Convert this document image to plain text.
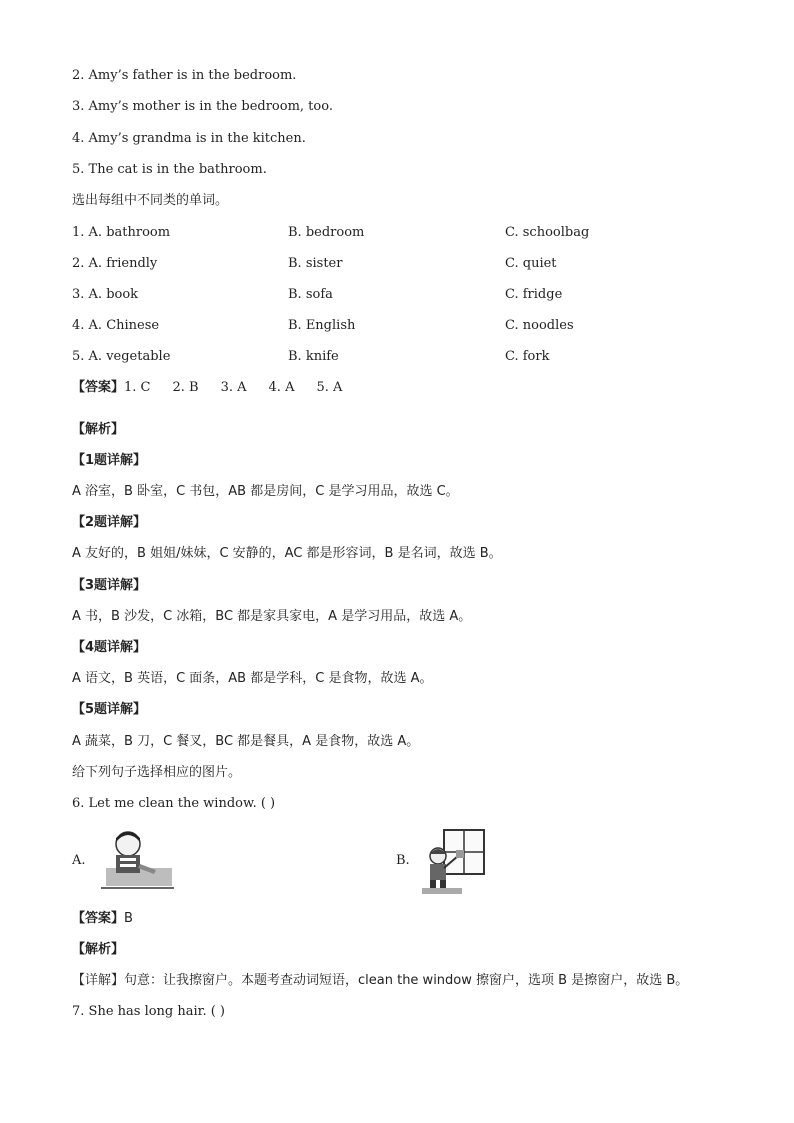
2. Amy’s father is in the bedroom.
3. Amy’s mother is in the bedroom, too.
4. Amy’s grandma is in the kitchen.
5. The cat is in the bathroom.
选出每组中不同类的单词。
1. A. bathroom	B. bedroom	C. schoolbag
2. A. friendly	B. sister	C. quiet
3. A. book	B. sofa	C. fridge
4. A. Chinese	B. English	C. noodles
5. A. vegetable	B. knife	C. fork
【答案】1. C 2. B 3. A 4. A 5. A
【解析】
【1题详解】
A 浴室，B 卧室，C 书包，AB 都是房间，C 是学习用品，故选 C。
【2题详解】
A 友好的，B 姐姐/妹妹，C 安静的，AC 都是形容词，B 是名词，故选 B。
【3题详解】
A 书，B 沙发，C 冰箱，BC 都是家具家电，A 是学习用品，故选 A。
【4题详解】
A 语文，B 英语，C 面条，AB 都是学科，C 是食物，故选 A。
【5题详解】
A 蔬菜，B 刀，C 餐叉，BC 都是餐具，A 是食物，故选 A。
给下列句子选择相应的图片。
6. Let me clean the window. ( )
A.	B.
【答案】B
【解析】
【详解】句意：让我擦窗户。本题考查动词短语，clean the window 擦窗户，选项 B 是擦窗户，故选 B。
7. She has long hair. ( )
